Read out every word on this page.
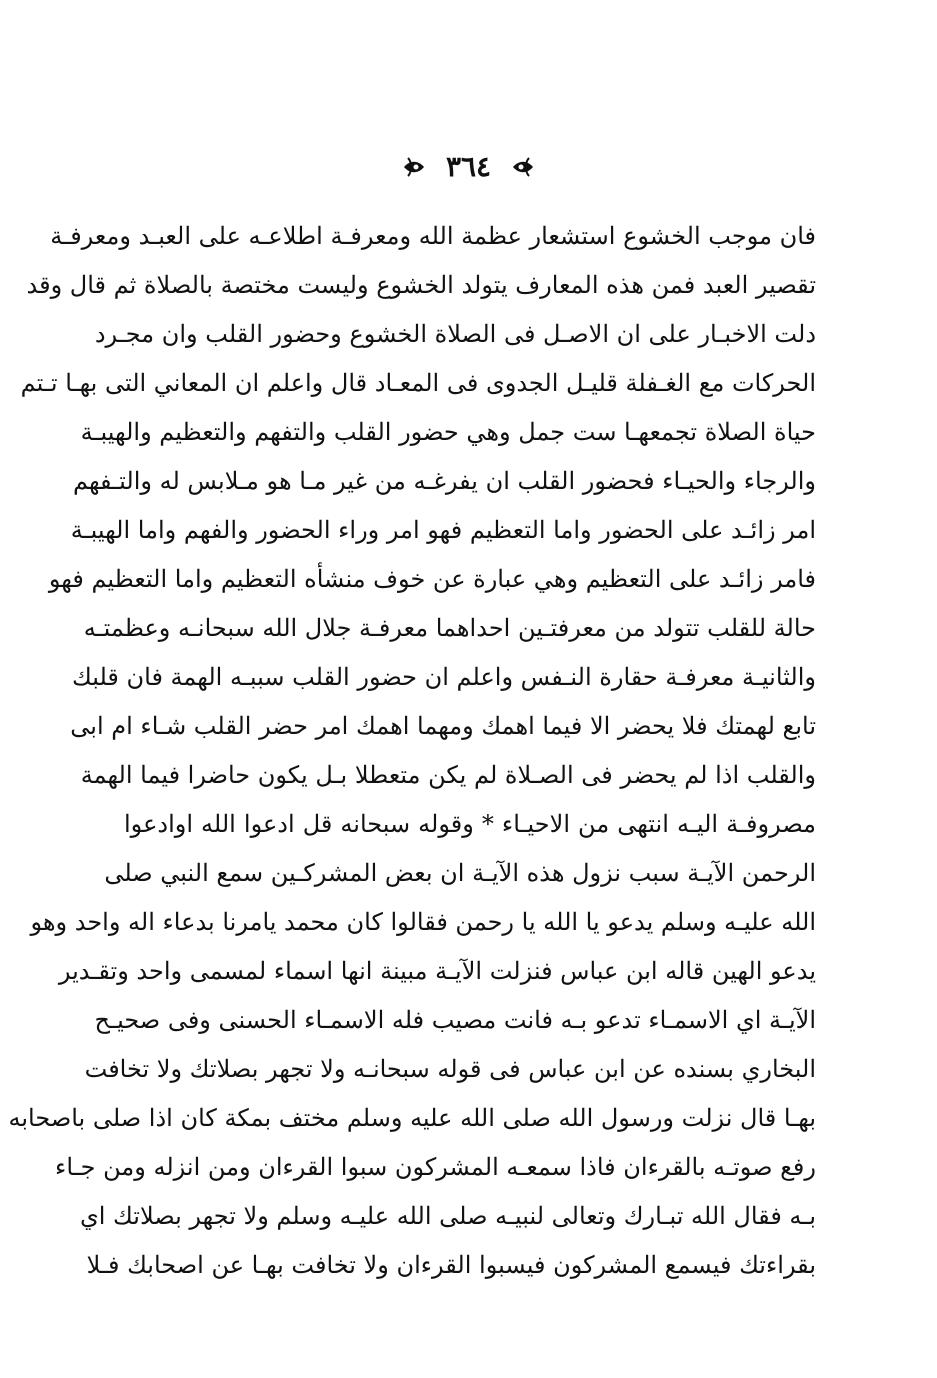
٣٦٤
فان موجب الخشوع استشعار عظمة الله ومعرفـة اطلاعـه على العبـد ومعرفـة
تقصير العبد فمن هذه المعارف يتولد الخشوع وليست مختصة بالصلاة ثم قال وقد
دلت الاخبـار على ان الاصـل فى الصلاة الخشوع وحضور القلب وان مجـرد
الحركات مع الغـفلة قليـل الجدوى فى المعـاد قال واعلم ان المعاني التى بهـا تـتم
حياة الصلاة تجمعهـا ست جمل وهي حضور القلب والتفهم والتعظيم والهيبـة
والرجاء والحيـاء فحضور القلب ان يفرغـه من غير مـا هو مـلابس له والتـفهم
امر زائـد على الحضور واما التعظيم فهو امر وراء الحضور والفهم واما الهيبـة
فامر زائـد على التعظيم وهي عبارة عن خوف منشأه التعظيم واما التعظيم فهو
حالة للقلب تتولد من معرفتـين احداهما معرفـة جلال الله سبحانـه وعظمتـه
والثانيـة معرفـة حقارة النـفس واعلم ان حضور القلب سببـه الهمة فان قلبك
تابع لهمتك فلا يحضر الا فيما اهمك ومهما اهمك امر حضر القلب شـاء ام ابى
والقلب اذا لم يحضر فى الصـلاة لم يكن متعطلا بـل يكون حاضرا فيما الهمة
مصروفـة اليـه انتهى من الاحيـاء * وقوله سبحانه قل ادعوا الله اوادعوا
الرحمن الآيـة سبب نزول هذه الآيـة ان بعض المشركـين سمع النبي صلى
الله عليـه وسلم يدعو يا الله يا رحمن فقالوا كان محمد يامرنا بدعاء اله واحد وهو
يدعو الهين قاله ابن عباس فنزلت الآيـة مبينة انها اسماء لمسمى واحد وتقـدير
الآيـة اي الاسمـاء تدعو بـه فانت مصيب فله الاسمـاء الحسنى وفى صحيـح
البخاري بسنده عن ابن عباس فى قوله سبحانـه ولا تجهر بصلاتك ولا تخافت
بهـا قال نزلت ورسول الله صلى الله عليه وسلم مختف بمكة كان اذا صلى باصحابه
رفع صوتـه بالقرءان فاذا سمعـه المشركون سبوا القرءان ومن انزله ومن جـاء
بـه فقال الله تبـارك وتعالى لنبيـه صلى الله عليـه وسلم ولا تجهر بصلاتك اي
بقراءتك فيسمع المشركون فيسبوا القرءان ولا تخافت بهـا عن اصحابك فـلا
